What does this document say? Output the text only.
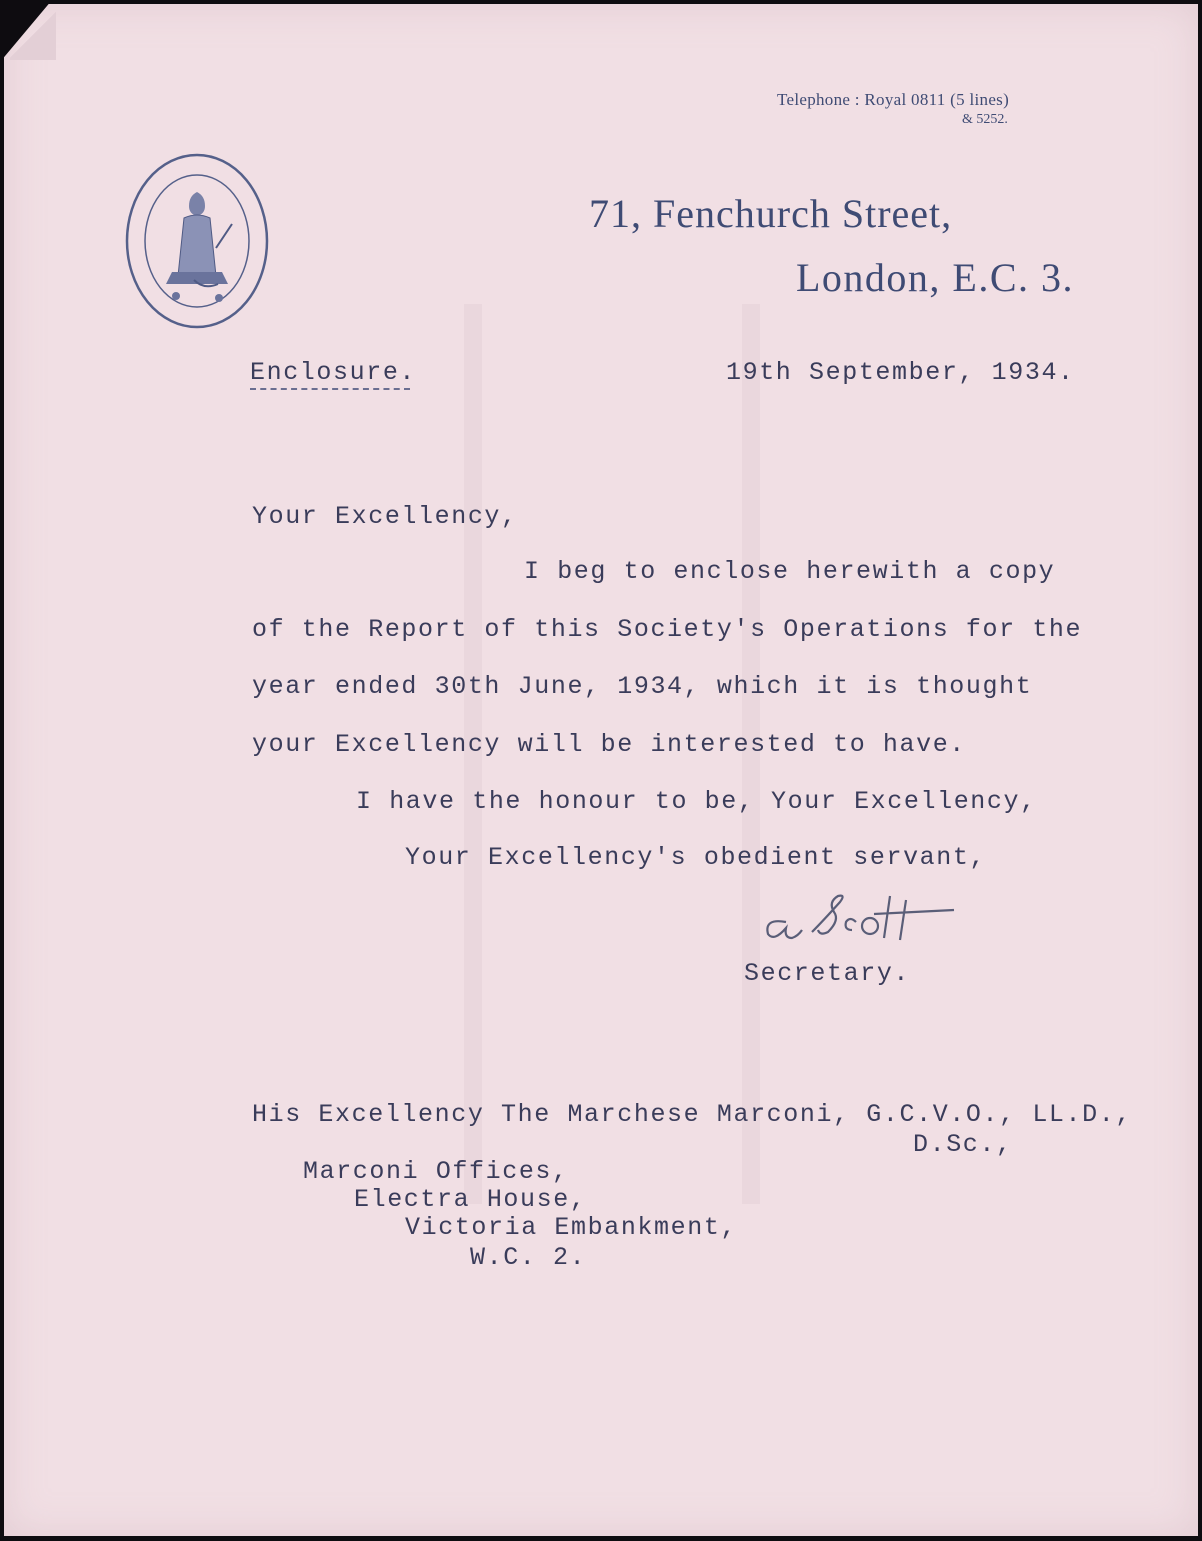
Telephone : Royal 0811 (5 lines)
& 5252.
71, Fenchurch Street,
London, E.C. 3.
Enclosure.	19th September, 1934.
Your Excellency,
I beg to enclose herewith a copy
of the Report of this Society's Operations for the
year ended 30th June, 1934, which it is thought
your Excellency will be interested to have.
I have the honour to be, Your Excellency,
Your Excellency's obedient servant,
Secretary.
His Excellency The Marchese Marconi, G.C.V.O., LL.D.,
D.Sc.,
Marconi Offices,
Electra House,
Victoria Embankment,
W.C. 2.
